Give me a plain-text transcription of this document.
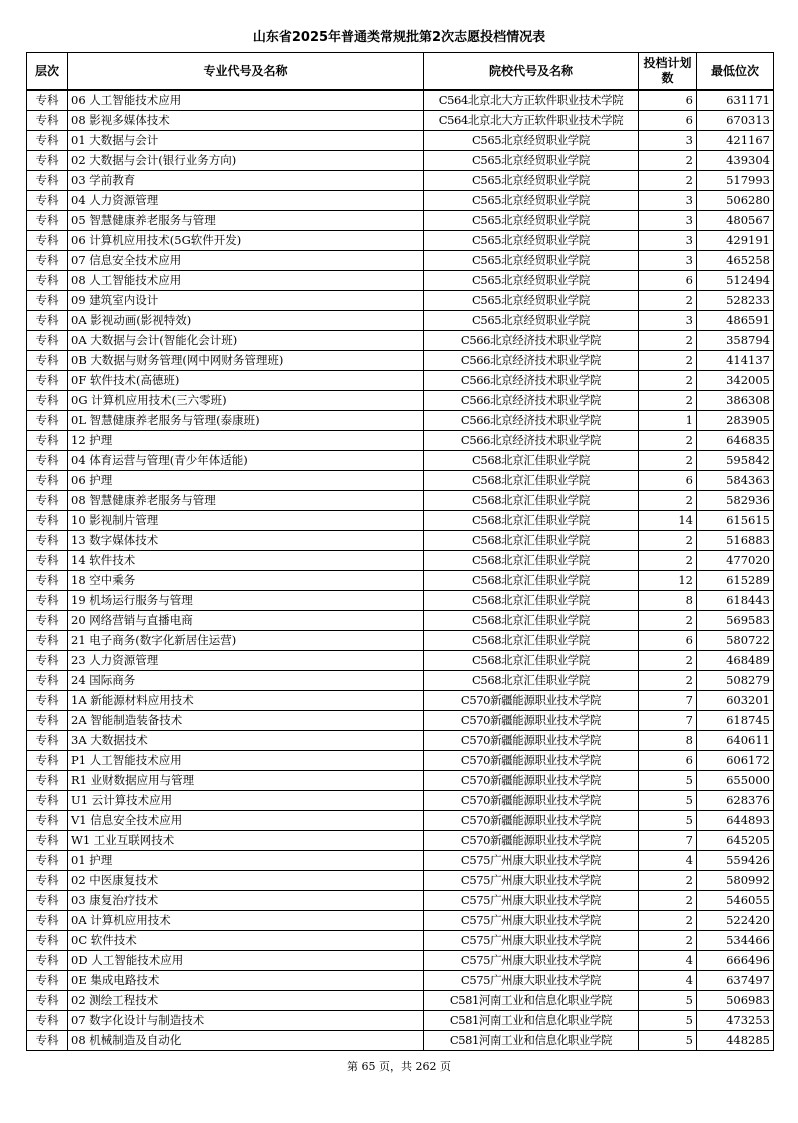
山东省2025年普通类常规批第2次志愿投档情况表
层次	专业代号及名称	院校代号及名称	投档计划数	最低位次
专科	06 人工智能技术应用	C564北京北大方正软件职业技术学院	6	631171
专科	08 影视多媒体技术	C564北京北大方正软件职业技术学院	6	670313
专科	01 大数据与会计	C565北京经贸职业学院	3	421167
专科	02 大数据与会计(银行业务方向)	C565北京经贸职业学院	2	439304
专科	03 学前教育	C565北京经贸职业学院	2	517993
专科	04 人力资源管理	C565北京经贸职业学院	3	506280
专科	05 智慧健康养老服务与管理	C565北京经贸职业学院	3	480567
专科	06 计算机应用技术(5G软件开发)	C565北京经贸职业学院	3	429191
专科	07 信息安全技术应用	C565北京经贸职业学院	3	465258
专科	08 人工智能技术应用	C565北京经贸职业学院	6	512494
专科	09 建筑室内设计	C565北京经贸职业学院	2	528233
专科	0A 影视动画(影视特效)	C565北京经贸职业学院	3	486591
专科	0A 大数据与会计(智能化会计班)	C566北京经济技术职业学院	2	358794
专科	0B 大数据与财务管理(网中网财务管理班)	C566北京经济技术职业学院	2	414137
专科	0F 软件技术(高德班)	C566北京经济技术职业学院	2	342005
专科	0G 计算机应用技术(三六零班)	C566北京经济技术职业学院	2	386308
专科	0L 智慧健康养老服务与管理(泰康班)	C566北京经济技术职业学院	1	283905
专科	12 护理	C566北京经济技术职业学院	2	646835
专科	04 体育运营与管理(青少年体适能)	C568北京汇佳职业学院	2	595842
专科	06 护理	C568北京汇佳职业学院	6	584363
专科	08 智慧健康养老服务与管理	C568北京汇佳职业学院	2	582936
专科	10 影视制片管理	C568北京汇佳职业学院	14	615615
专科	13 数字媒体技术	C568北京汇佳职业学院	2	516883
专科	14 软件技术	C568北京汇佳职业学院	2	477020
专科	18 空中乘务	C568北京汇佳职业学院	12	615289
专科	19 机场运行服务与管理	C568北京汇佳职业学院	8	618443
专科	20 网络营销与直播电商	C568北京汇佳职业学院	2	569583
专科	21 电子商务(数字化新居住运营)	C568北京汇佳职业学院	6	580722
专科	23 人力资源管理	C568北京汇佳职业学院	2	468489
专科	24 国际商务	C568北京汇佳职业学院	2	508279
专科	1A 新能源材料应用技术	C570新疆能源职业技术学院	7	603201
专科	2A 智能制造装备技术	C570新疆能源职业技术学院	7	618745
专科	3A 大数据技术	C570新疆能源职业技术学院	8	640611
专科	P1 人工智能技术应用	C570新疆能源职业技术学院	6	606172
专科	R1 业财数据应用与管理	C570新疆能源职业技术学院	5	655000
专科	U1 云计算技术应用	C570新疆能源职业技术学院	5	628376
专科	V1 信息安全技术应用	C570新疆能源职业技术学院	5	644893
专科	W1 工业互联网技术	C570新疆能源职业技术学院	7	645205
专科	01 护理	C575广州康大职业技术学院	4	559426
专科	02 中医康复技术	C575广州康大职业技术学院	2	580992
专科	03 康复治疗技术	C575广州康大职业技术学院	2	546055
专科	0A 计算机应用技术	C575广州康大职业技术学院	2	522420
专科	0C 软件技术	C575广州康大职业技术学院	2	534466
专科	0D 人工智能技术应用	C575广州康大职业技术学院	4	666496
专科	0E 集成电路技术	C575广州康大职业技术学院	4	637497
专科	02 测绘工程技术	C581河南工业和信息化职业学院	5	506983
专科	07 数字化设计与制造技术	C581河南工业和信息化职业学院	5	473253
专科	08 机械制造及自动化	C581河南工业和信息化职业学院	5	448285
第 65 页，共 262 页
